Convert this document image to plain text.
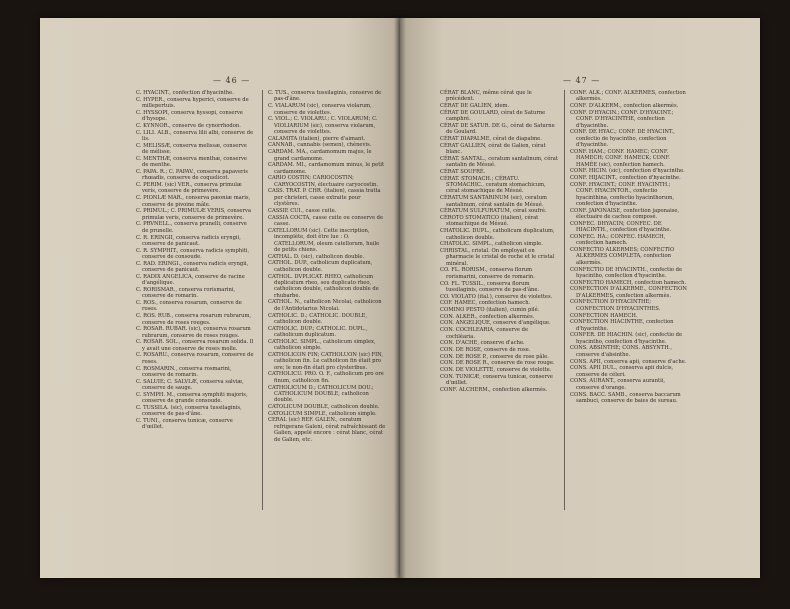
— 46 —
C. HYACINT., confection d'hyacinthe.
C. HYPER., conserva hyperici, conserve de millepertuis.
C. HYSSOPI, conserva hyssopi, conserve d'hysope.
C. KYNNOR., conserve de cynorrhodon.
C. LILI. ALB., conserva lilii albi, conserve de lis.
C. MELISSÆ, conserva melissæ, conserve de mélisse.
C. MENTHÆ, conserva menthæ, conserve de menthe.
C. PAPA. R.; C. PAPAV., conserva papaveris rhœadis, conserve de coquelicot.
C. PERIM. (sic) VER., conserva primulæ veris, conserve de primevère.
C. PIONLÆ MAR., conserva pæoniæ maris, conserve de pivoine mâle.
C. PRIMUL.; C. PRIMULÆ VERIS, conserva primulæ veris, conserve de primevère.
C. PRVNELL., conserva prunelli, conserve de prunelle.
C. R. ERINGII, conserva radicis eryngii, conserve de panicaut.
C. R. SYMPHIT., conserva radicis symphiti, conserve de consoude.
C. RAD. ERINGI., conserva radicis eryngii, conserve de panicaut.
C. RADIX ANGELICA, conserve de racine d'angélique.
C. RORISMAR., conserva rorismarini, conserve de romarin.
C. ROS., conserva rosarum, conserve de roses.
C. ROS. RUB., conserva rosarum rubrarum, conserve de roses rouges.
C. ROSAR. RUBAR. (sic), conserva rosarum rubrarum, conserve de roses rouges.
C. ROSAR. SOL., conserva rosarum solida. Il y avait une conserve de roses molle.
C. ROSARU., conserva rosarum, conserve de roses.
C. ROSMARIN., conserva rosmarini, conserve de romarin.
C. SALUIE; C. SALVLÆ, conserva salviæ, conserve de sauge.
C. SYMPH. M., conserva symphiti majoris, conserve de grande consoude.
C. TUSSILA. (sic), conserva tussilaginis, conserve de pas-d'âne.
C. TUNI., conserva tunicæ, conserve d'œillet.
C. TUS., conserva tussilaginis, conserve de pas-d'âne.
C. VIALARUM (sic), conserva violarum, conserve de violettes.
C. VIOL.; C. VIOLARU.; C. VIOLARUM; C. VIOLIARIUM (sic), conserva violarum, conserve de violettes.
CALAMITA (italien), pierre d'aimant.
CANNAB., cannabis (semen), chènevis.
CARDAM. MA., cardamomum majus, le grand cardamome.
CARDAM. MI., cardamomum minus, le petit cardamome.
CARIO COSTIN; CARIOCOSTIN; CARYOCOSTIN, électuaire caryocostin.
CASS. TRAT. P. CHR. (italien), cassia tratta per christeri, casse extraite pour clystères.
CASSIE CUI., casse cuite.
CASSIA COCTA, casse cuite ou conserve de casse.
CATELLORUM (sic). Cette inscription, incomplète, doit être lue : O. CATELLORUM, oleum catellorum, huile de petits chiens.
CATHAL. D. (sic), catholicon double.
CATHOL. DUP., catholicum duplicatum, catholicon double.
CATHOL. DVPLICAT. RHEO, catholicum duplicatum rheo, seu duplicato rheo, catholicon double, catholicon double de rhubarbe.
CATHOL. N., catholicon Nicolai, catholicon de l'Antidotarius Nicolai.
CATHOLIC. D.; CATHOLIC. DOUBLE, catholicon double.
CATHOLIC. DUP.; CATHOLIC. DUPL., catholicum duplicatum.
CATHOLIC. SIMPL., catholicum simplex, catholicon simple.
CATHOLICON FIN; CATHOLUON (sic) FIN, catholicon fin. Le catholicon fin était pro ore; le non-fin était pro clysteribus.
CATHOLICU. PRO. O. F., catholicum pro ore finum, catholicon fin.
CATHOLICUM D.; CATHOLICUM DOU.; CATHOLICUM DOUBLE, catholicon double.
CATOLICUM DOUBLE, catholicon double.
CATOLICUM SIMPLE, catholicon simple.
CERAL (sic) REF. GALEN., ceratum refrigerans Galeni, cérat rafraîchissant de Galien, appelé encore : cérat blanc, cérat de Galien, etc.
— 47 —
CÉRAT BLANC, même cérat que le précédent.
CÉRAT DE GALIEN, idem.
CÉRAT DE GOULARD, cérat de Saturne camphré.
CÉRAT DE SATUR. DE G., cérat de Saturne de Goulard.
CÉRAT DIAPALME, cérat de diapalme.
CÉRAT GALLIEN, cérat de Galien, cérat blanc.
CÉRAT. SANTAL., ceratum santalinum, cérat santalin de Mésué.
CÉRAT SOUFRÉ.
CÉRAT. STOMACH.; CÉRATU. STOMACHIC., ceratum stomachicum, cérat stomachique de Mésué.
CÉRATUM SANTARINUM (sic), ceratum santalinum, cérat santalin de Mésué.
CÉRATUM SULFURATUM, cérat soufré.
CÉROTO STOMATICO (italien), cérat stomachique de Mésué.
CHATOLIC. DUPL., catholicum duplicatum, catholicon double.
CHATOLIC. SIMPL., catholicon simple.
CHRISTAL, cristal. On employait en pharmacie le cristal de roche et le cristal minéral.
CO. FL. RORISM., conserva florum rorismarini, conserve de romarin.
CO. FL. TUSSIL., conserva florum tussilaginis, conserve de pas-d'âne.
CO. VIOLATO (ital.), conserve de violettes.
COF. HAMEC, confection hamech.
COMINO PESTO (italien), cumin pilé.
CON. ALKER., confection alkermès.
CON. ANGELIQUE, conserve d'angélique.
CON. COCHLEARIA, conserve de cochléaria.
CON. D'ACHE, conserve d'ache.
CON. DE ROSE, conserve de rose.
CON. DE ROSE P., conserve de rose pâle.
CON. DE ROSE R., conserve de rose rouge.
CON. DE VIOLETTE, conserve de violette.
CON. TUNICÆ, conserva tunicæ, conserve d'œillet.
CONF. ALCHERM., confection alkermès.
CONF. ALK.; CONF. ALKERMES, confection alkermès.
CONF. D'ALKERM., confection alkermès.
CONF. D'HYACIN.; CONF. D'HYACINT.; CONF. D'HYACINTHE, confection d'hyacinthe.
CONF. DE HYAC.; CONF. DE HYACINT., confectio de hyacintho, confection d'hyacinthe.
CONF. HAM.; CONF. HAMEC; CONF. HAMECH; CONF. HAMECK; CONF. HAMÉE (sic), confection hamech.
CONF. HICIN. (sic), confection d'hyacinthe.
CONF. HIJACINT., confection d'hyacinthe.
CONF. HYACINT.; CONF. HYACINTH.; CONF. HYACINTOR., confectio hyacinthina, confectio hyacinthorum, confection d'hyacinthe.
CONF. JAPONAISE, confection japonaise, électuaire de cachou composé.
CONFEC. DHYACIN; CONFEC. DE HIACINTH., confection d'hyacinthe.
CONFEC. HA.; CONFEC. HAMECH, confection hamech.
CONFECTIO ALKERMES; CONFECTIO ALKERMES COMPLETA, confection alkermès.
CONFECTIO DE HYACINTH., confectio de hyacintho, confection d'hyacinthe.
CONFECTIO HAMECH, confection hamech.
CONFECTION D'ALKERME., CONFECTION D'ALKERMES, confection alkermès.
CONFECTION D'HYACINTHE; CONFECTION D'HYACINTHES.
CONFECTION HAMECH.
CONFECTION HIACINTHE, confection d'hyacinthe.
CONFER. DE HIACHIN. (sic), confectio de hyacintho, confection d'hyacinthe.
CONS. ABSINTHE; CONS. ABSYNTH., conserve d'absinthe.
CONS. APII, conserva apii, conserve d'ache.
CONS. APII DUL., conserva apii dulcis, conserve de céleri.
CONS. AURANT., conserva aurantii, conserve d'orange.
CONS. BACC. SAMB., conserva baccarum sambuci, conserve de baies de sureau.
